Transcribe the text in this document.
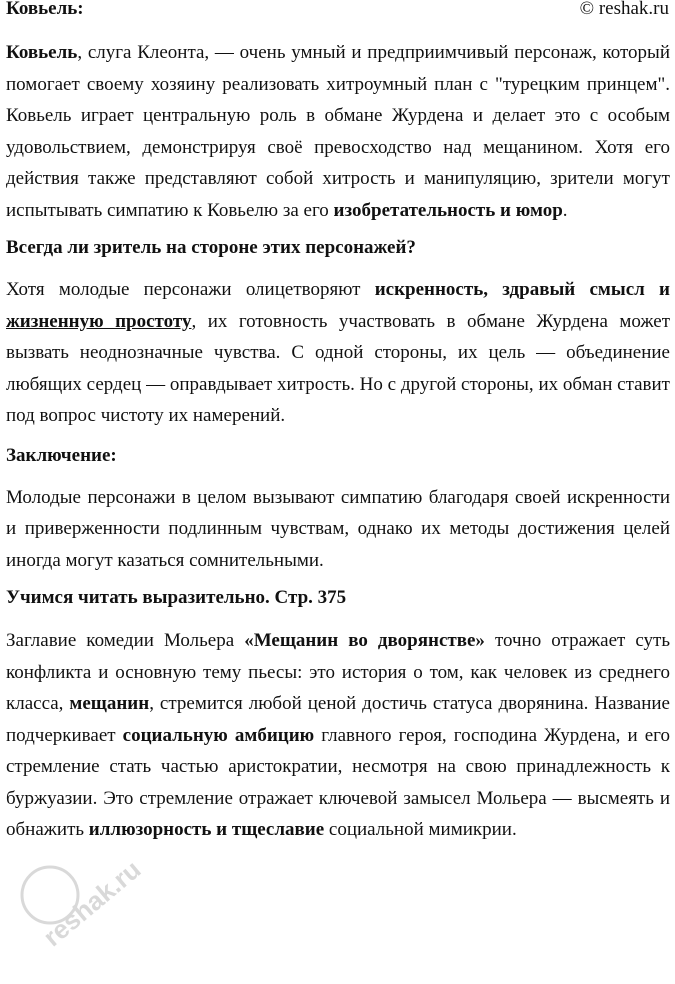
© reshak.ru
Ковьель:

Ковьель, слуга Клеонта, — очень умный и предприимчивый персонаж, который помогает своему хозяину реализовать хитроумный план с "турецким принцем". Ковьель играет центральную роль в обмане Журдена и делает это с особым удовольствием, демонстрируя своё превосходство над мещанином. Хотя его действия также представляют собой хитрость и манипуляцию, зрители могут испытывать симпатию к Ковьелю за его изобретательность и юмор.

Всегда ли зритель на стороне этих персонажей?

Хотя молодые персонажи олицетворяют искренность, здравый смысл и жизненную простоту, их готовность участвовать в обмане Журдена может вызвать неоднозначные чувства. С одной стороны, их цель — объединение любящих сердец — оправдывает хитрость. Но с другой стороны, их обман ставит под вопрос чистоту их намерений.

Заключение:

Молодые персонажи в целом вызывают симпатию благодаря своей искренности и приверженности подлинным чувствам, однако их методы достижения целей иногда могут казаться сомнительными.

Учимся читать выразительно. Стр. 375

Заглавие комедии Мольера «Мещанин во дворянстве» точно отражает суть конфликта и основную тему пьесы: это история о том, как человек из среднего класса, мещанин, стремится любой ценой достичь статуса дворянина. Название подчеркивает социальную амбицию главного героя, господина Журдена, и его стремление стать частью аристократии, несмотря на свою принадлежность к буржуазии. Это стремление отражает ключевой замысел Мольера — высмеять и обнажить иллюзорность и тщеславие социальной мимикрии.

reshak.ru
